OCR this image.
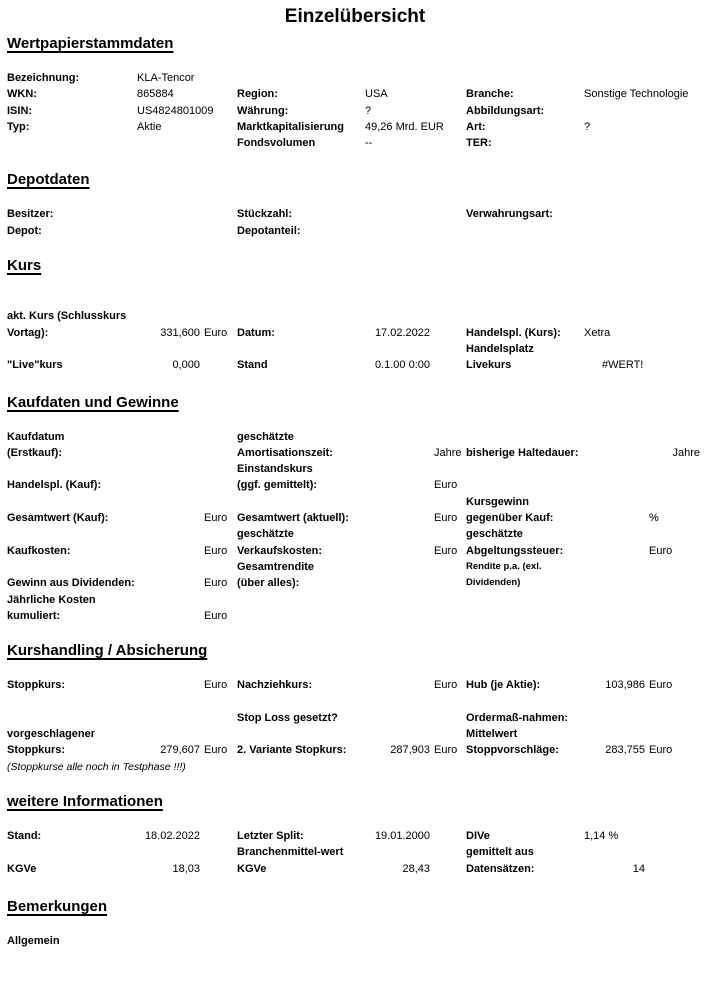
Einzelübersicht
Wertpapierstammdaten
Bezeichnung:	KLA-Tencor
WKN:	865884	Region:	USA	Branche:	Sonstige Technologie
ISIN:	US4824801009 Währung:	?	Abbildungsart:
Typ:	Aktie	Marktkapitalisierung	49,26 Mrd. EUR Art:	?
Fondsvolumen	--	TER:
Depotdaten
Besitzer:	Stückzahl:	Verwahrungsart:
Depot:	Depotanteil:
Kurs
akt. Kurs (Schlusskurs
Vortag):	331,600 Euro Datum:	17.02.2022	Handelspl. (Kurs):	Xetra
Handelsplatz
"Live"kurs	0,000	Stand	0.1.00 0:00	Livekurs	#WERT!
Kaufdaten und Gewinne
Kaufdatum	geschätzte
(Erstkauf):	Amortisationszeit:	Jahre bisherige Haltedauer:	Jahre
Einstandskurs
Handelspl. (Kauf):	(ggf. gemittelt):	Euro
Kursgewinn
Gesamtwert (Kauf):	Euro Gesamtwert (aktuell):	Euro gegenüber Kauf:	%
geschätzte	geschätzte
Kaufkosten:	Euro Verkaufskosten:	Euro Abgeltungssteuer:	Euro
Gesamtrendite	Rendite p.a. (exl.
Gewinn aus Dividenden:	Euro (über alles):	Dividenden)
Jährliche Kosten
kumuliert:	Euro
Kurshandling / Absicherung
Stoppkurs:	Euro Nachziehkurs:	Euro Hub (je Aktie):	103,986 Euro
Stop Loss gesetzt?	Ordermaß-nahmen:
vorgeschlagener	Mittelwert
Stoppkurs:	279,607 Euro 2. Variante Stopkurs:	287,903 Euro Stoppvorschläge:	283,755 Euro
(Stoppkurse alle noch in Testphase !!!)
weitere Informationen
Stand:	18.02.2022	Letzter Split:	19.01.2000	DIVe	1,14 %
Branchenmittel-wert	gemittelt aus
KGVe	18,03	KGVe	28,43	Datensätzen:	14
Bemerkungen
Allgemein
